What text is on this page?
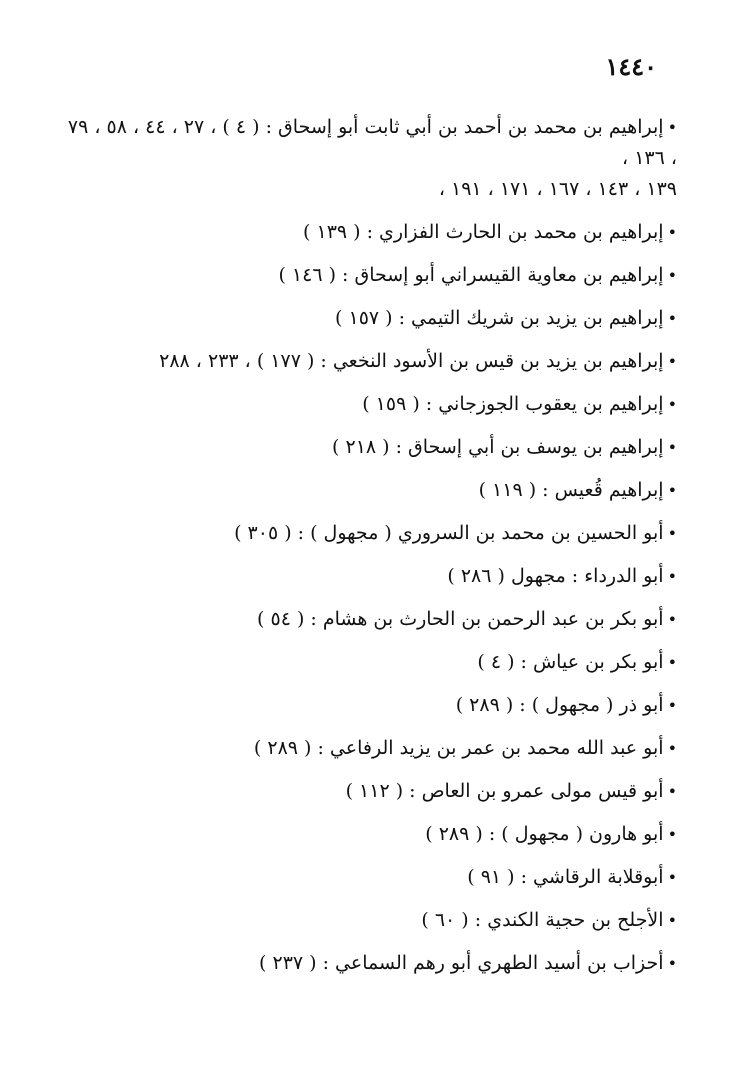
١٤٤٠
•إبراهيم بن محمد بن أحمد بن أبي ثابت أبو إسحاق : ( ٤ ) ، ٢٧ ، ٤٤ ، ٥٨ ، ٧٩ ، ١٣٦ ،
١٣٩ ، ١٤٣ ، ١٦٧ ، ١٧١ ، ١٩١ ،
•إبراهيم بن محمد بن الحارث الفزاري : ( ١٣٩ )
•إبراهيم بن معاوية القيسراني أبو إسحاق : ( ١٤٦ )
•إبراهيم بن يزيد بن شريك التيمي : ( ١٥٧ )
•إبراهيم بن يزيد بن قيس بن الأسود النخعي : ( ١٧٧ ) ، ٢٣٣ ، ٢٨٨
•إبراهيم بن يعقوب الجوزجاني : ( ١٥٩ )
•إبراهيم بن يوسف بن أبي إسحاق : ( ٢١٨ )
•إبراهيم قُعيس : ( ١١٩ )
•أبو الحسين بن محمد بن السروري ( مجهول ) : ( ٣٠٥ )
•أبو الدرداء : مجهول ( ٢٨٦ )
•أبو بكر بن عبد الرحمن بن الحارث بن هشام : ( ٥٤ )
•أبو بكر بن عياش : ( ٤ )
•أبو ذر ( مجهول ) : ( ٢٨٩ )
•أبو عبد الله محمد بن عمر بن يزيد الرفاعي : ( ٢٨٩ )
•أبو قيس مولى عمرو بن العاص : ( ١١٢ )
•أبو هارون ( مجهول ) : ( ٢٨٩ )
•أبوقلابة الرقاشي : ( ٩١ )
•الأجلح بن حجية الكندي : ( ٦٠ )
•أحزاب بن أسيد الطهري أبو رهم السماعي : ( ٢٣٧ )
